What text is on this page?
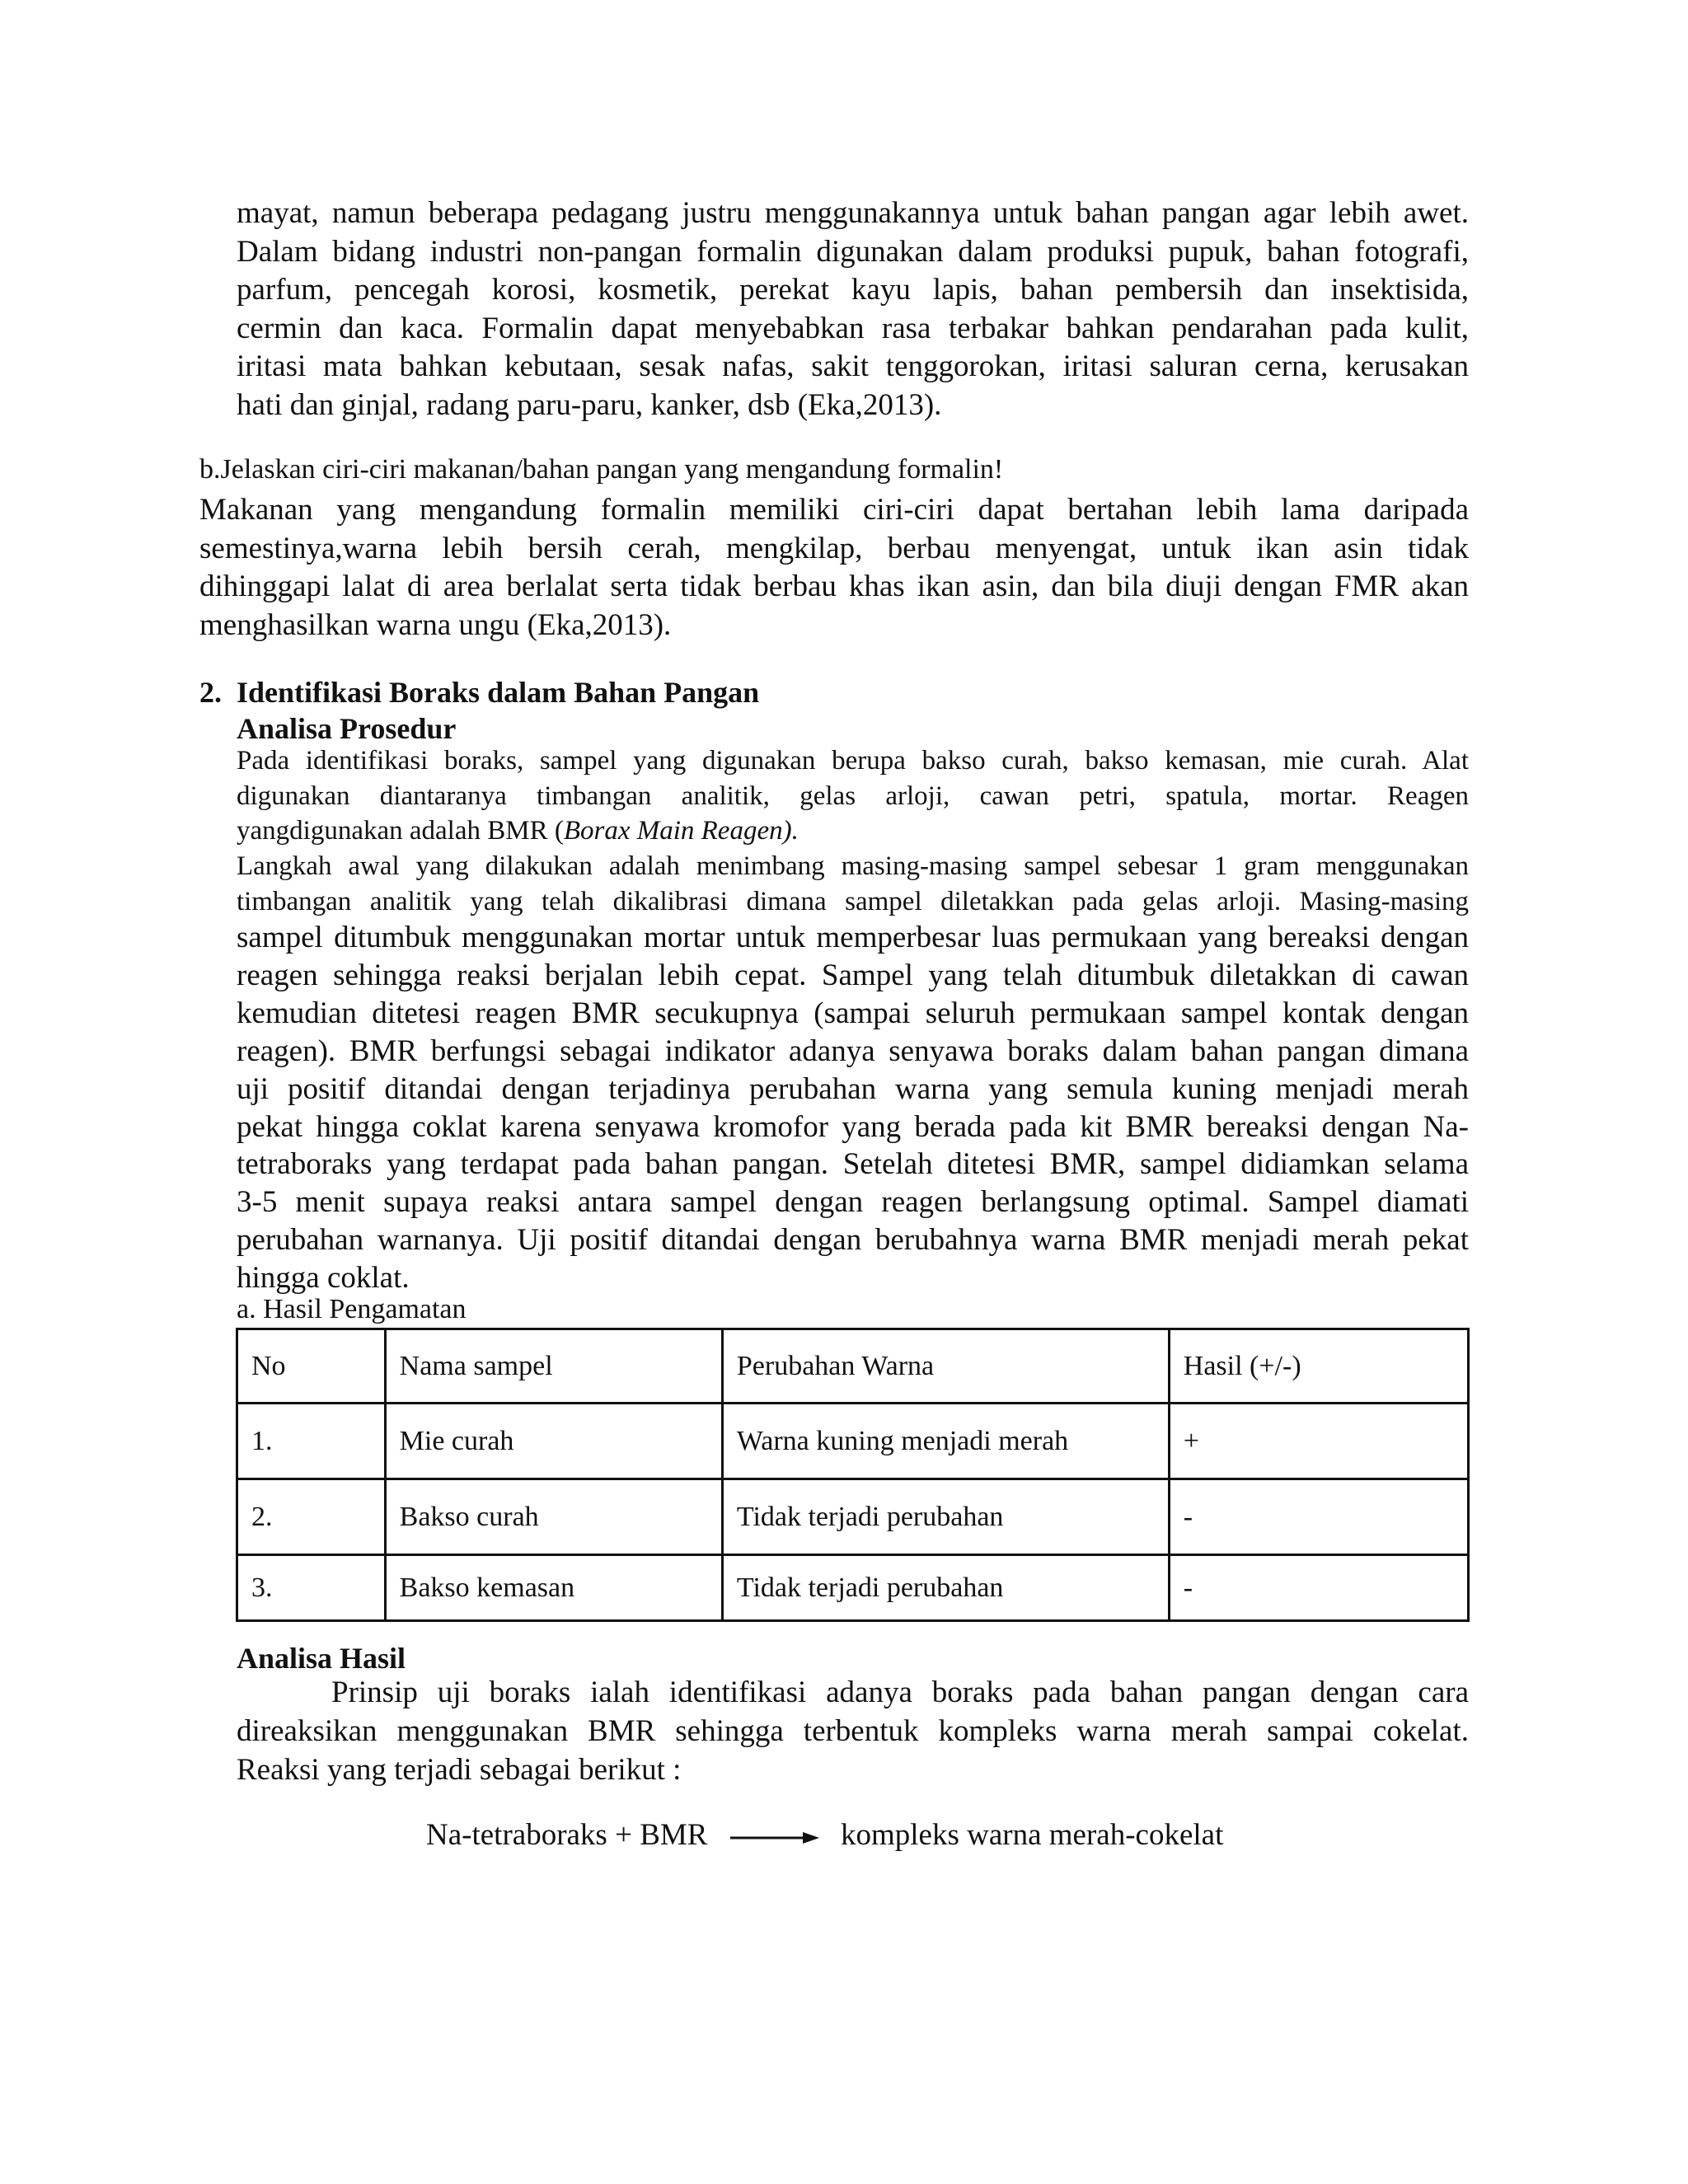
mayat, namun beberapa pedagang justru menggunakannya untuk bahan pangan agar lebih awet.

Dalam bidang industri non-pangan formalin digunakan dalam produksi pupuk, bahan fotografi,

parfum, pencegah korosi, kosmetik, perekat kayu lapis, bahan pembersih dan insektisida,

cermin dan kaca. Formalin dapat menyebabkan rasa terbakar bahkan pendarahan pada kulit,

iritasi mata bahkan kebutaan, sesak nafas, sakit tenggorokan, iritasi saluran cerna, kerusakan

hati dan ginjal, radang paru-paru, kanker, dsb (Eka,2013).

b.Jelaskan ciri-ciri makanan/bahan pangan yang mengandung formalin!

Makanan yang mengandung formalin memiliki ciri-ciri dapat bertahan lebih lama daripada

semestinya,warna lebih bersih cerah, mengkilap, berbau menyengat, untuk ikan asin tidak

dihinggapi lalat di area berlalat serta tidak berbau khas ikan asin, dan bila diuji dengan FMR akan

menghasilkan warna ungu (Eka,2013).

2. Identifikasi Boraks dalam Bahan Pangan

Analisa Prosedur

Pada identifikasi boraks, sampel yang digunakan berupa bakso curah, bakso kemasan, mie curah. Alat

digunakan diantaranya timbangan analitik, gelas arloji, cawan petri, spatula, mortar. Reagen

yangdigunakan adalah BMR (Borax Main Reagen).

Langkah awal yang dilakukan adalah menimbang masing-masing sampel sebesar 1 gram menggunakan

timbangan analitik yang telah dikalibrasi dimana sampel diletakkan pada gelas arloji. Masing-masing

sampel ditumbuk menggunakan mortar untuk memperbesar luas permukaan yang bereaksi dengan

reagen sehingga reaksi berjalan lebih cepat. Sampel yang telah ditumbuk diletakkan di cawan

kemudian ditetesi reagen BMR secukupnya (sampai seluruh permukaan sampel kontak dengan

reagen). BMR berfungsi sebagai indikator adanya senyawa boraks dalam bahan pangan dimana

uji positif ditandai dengan terjadinya perubahan warna yang semula kuning menjadi merah

pekat hingga coklat karena senyawa kromofor yang berada pada kit BMR bereaksi dengan Na-

tetraboraks yang terdapat pada bahan pangan. Setelah ditetesi BMR, sampel didiamkan selama

3-5 menit supaya reaksi antara sampel dengan reagen berlangsung optimal. Sampel diamati

perubahan warnanya. Uji positif ditandai dengan berubahnya warna BMR menjadi merah pekat

hingga coklat.

a. Hasil Pengamatan

No	Nama sampel	Perubahan Warna	Hasil (+/-)
1.	Mie curah	Warna kuning menjadi merah	+
2.	Bakso curah	Tidak terjadi perubahan	-
3.	Bakso kemasan	Tidak terjadi perubahan	-

Analisa Hasil

Prinsip uji boraks ialah identifikasi adanya boraks pada bahan pangan dengan cara

direaksikan menggunakan BMR sehingga terbentuk kompleks warna merah sampai cokelat.

Reaksi yang terjadi sebagai berikut :

Na-tetraboraks + BMR	kompleks warna merah-cokelat
